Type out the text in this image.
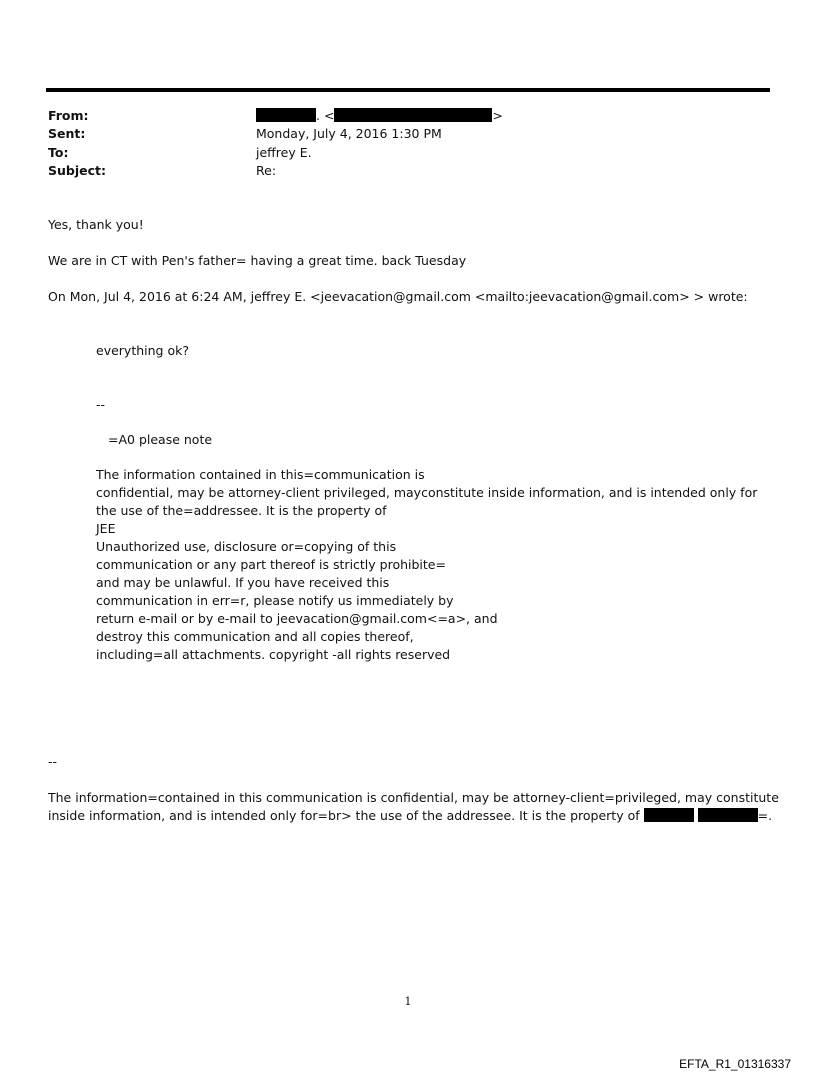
From:	. <	>
Sent:	Monday, July 4, 2016 1:30 PM
To:	jeffrey E.
Subject:	Re:
Yes, thank you!
We are in CT with Pen's father= having a great time. back Tuesday
On Mon, Jul 4, 2016 at 6:24 AM, jeffrey E. <jeevacation@gmail.com <mailto:jeevacation@gmail.com> > wrote:
everything ok?
--
=A0 please note
The information contained in this=communication is
confidential, may be attorney-client privileged, mayconstitute inside information, and is intended only for
the use of the=addressee. It is the property of
JEE
Unauthorized use, disclosure or=copying of this
communication or any part thereof is strictly prohibite=
and may be unlawful. If you have received this
communication in err=r, please notify us immediately by
return e-mail or by e-mail to jeevacation@gmail.com<=a>, and
destroy this communication and all copies thereof,
including=all attachments. copyright -all rights reserved
--
The information=contained in this communication is confidential, may be attorney-client=privileged, may constitute
inside information, and is intended only for=br> the use of the addressee. It is the property of	=.
1
EFTA_R1_01316337
